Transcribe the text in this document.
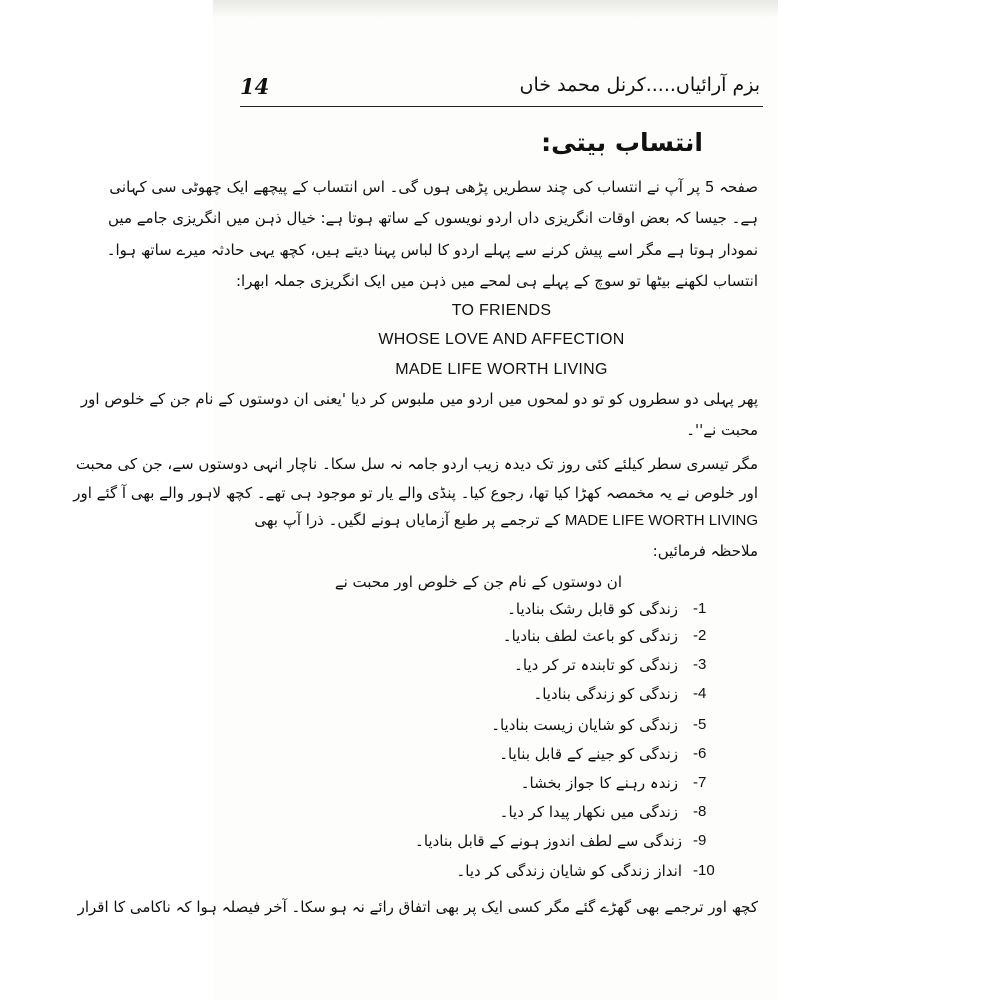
14	بزم آرائیاں.....کرنل محمد خاں
انتساب بیتی:
صفحہ 5 پر آپ نے انتساب کی چند سطریں پڑھی ہوں گی۔ اس انتساب کے پیچھے ایک چھوٹی سی کہانی
ہے۔ جیسا کہ بعض اوقات انگریزی داں اردو نویسوں کے ساتھ ہوتا ہے: خیال ذہن میں انگریزی جامے میں
نمودار ہوتا ہے مگر اسے پیش کرنے سے پہلے اردو کا لباس پہنا دیتے ہیں، کچھ یہی حادثہ میرے ساتھ ہوا۔
انتساب لکھنے بیٹھا تو سوچ کے پہلے ہی لمحے میں ذہن میں ایک انگریزی جملہ ابھرا:
TO FRIENDS
WHOSE LOVE AND AFFECTION
MADE LIFE WORTH LIVING
پھر پہلی دو سطروں کو تو دو لمحوں میں اردو میں ملبوس کر دیا 'یعنی ان دوستوں کے نام جن کے خلوص اور
محبت نے''۔
مگر تیسری سطر کیلئے کئی روز تک دیدہ زیب اردو جامہ نہ سل سکا۔ ناچار انہی دوستوں سے، جن کی محبت
اور خلوص نے یہ مخمصہ کھڑا کیا تھا، رجوع کیا۔ پنڈی والے یار تو موجود ہی تھے۔ کچھ لاہور والے بھی آ گئے اور
MADE LIFE WORTH LIVING کے ترجمے پر طبع آزمایاں ہونے لگیں۔ ذرا آپ بھی
ملاحظہ فرمائیں:
ان دوستوں کے نام جن کے خلوص اور محبت نے
-1
زندگی کو قابل رشک بنادیا۔
-2
زندگی کو باعث لطف بنادیا۔
-3
زندگی کو تابندہ تر کر دیا۔
-4
زندگی کو زندگی بنادیا۔
-5
زندگی کو شایان زیست بنادیا۔
-6
زندگی کو جینے کے قابل بنایا۔
-7
زندہ رہنے کا جواز بخشا۔
-8
زندگی میں نکھار پیدا کر دیا۔
-9
زندگی سے لطف اندوز ہونے کے قابل بنادیا۔
-10
انداز زندگی کو شایان زندگی کر دیا۔
کچھ اور ترجمے بھی گھڑے گئے مگر کسی ایک پر بھی اتفاق رائے نہ ہو سکا۔ آخر فیصلہ ہوا کہ ناکامی کا اقرار
